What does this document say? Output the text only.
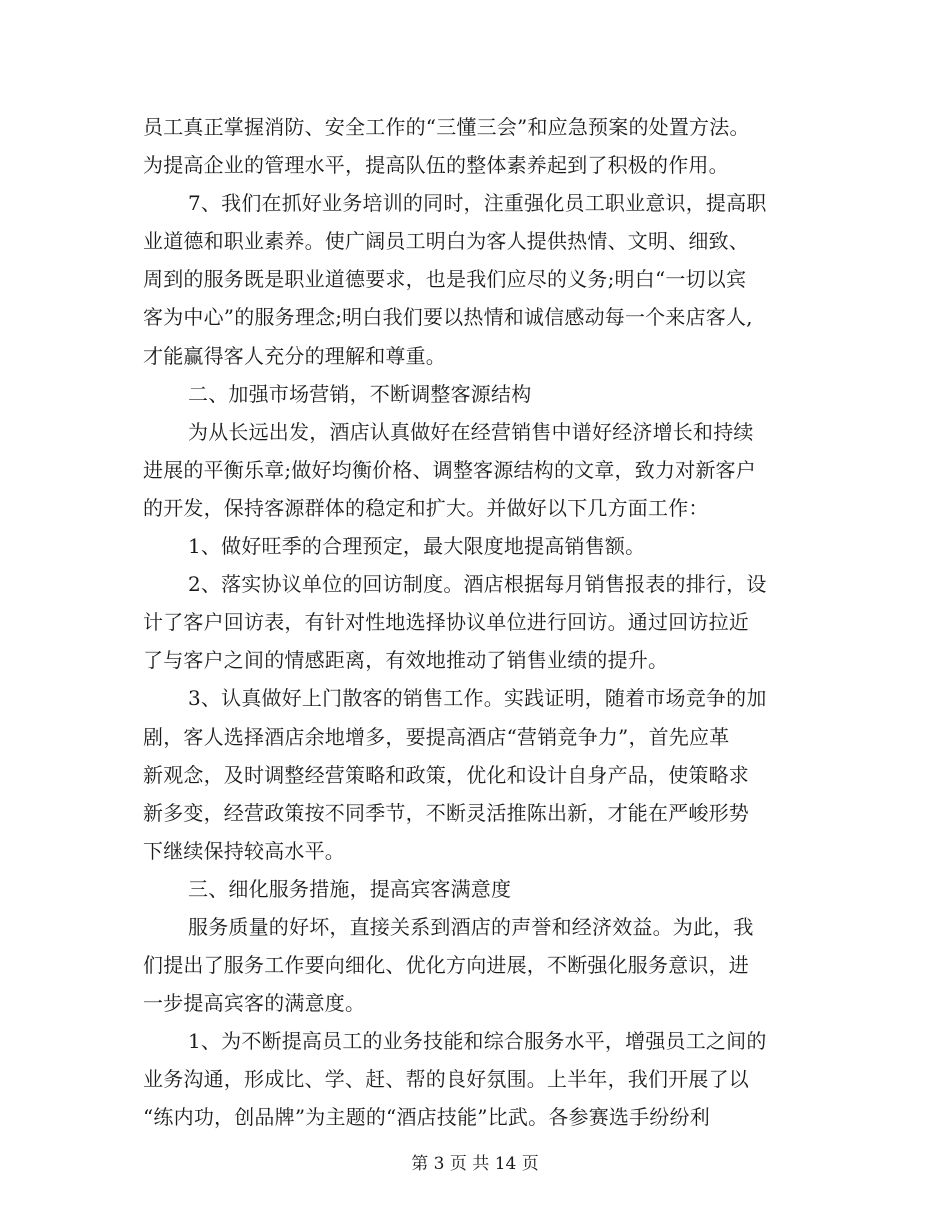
员工真正掌握消防、安全工作的“三懂三会”和应急预案的处置方法。
为提高企业的管理水平，提高队伍的整体素养起到了积极的作用。
7、我们在抓好业务培训的同时，注重强化员工职业意识，提高职
业道德和职业素养。使广阔员工明白为客人提供热情、文明、细致、
周到的服务既是职业道德要求，也是我们应尽的义务;明白“一切以宾
客为中心”的服务理念;明白我们要以热情和诚信感动每一个来店客人,
才能赢得客人充分的理解和尊重。
二、加强市场营销，不断调整客源结构
为从长远出发，酒店认真做好在经营销售中谱好经济增长和持续
进展的平衡乐章;做好均衡价格、调整客源结构的文章，致力对新客户
的开发，保持客源群体的稳定和扩大。并做好以下几方面工作：
1、做好旺季的合理预定，最大限度地提高销售额。
2、落实协议单位的回访制度。酒店根据每月销售报表的排行，设
计了客户回访表，有针对性地选择协议单位进行回访。通过回访拉近
了与客户之间的情感距离，有效地推动了销售业绩的提升。
3、认真做好上门散客的销售工作。实践证明，随着市场竞争的加
剧，客人选择酒店余地增多，要提高酒店“营销竞争力”，首先应革
新观念，及时调整经营策略和政策，优化和设计自身产品，使策略求
新多变，经营政策按不同季节，不断灵活推陈出新，才能在严峻形势
下继续保持较高水平。
三、细化服务措施，提高宾客满意度
服务质量的好坏，直接关系到酒店的声誉和经济效益。为此，我
们提出了服务工作要向细化、优化方向进展，不断强化服务意识，进
一步提高宾客的满意度。
1、为不断提高员工的业务技能和综合服务水平，增强员工之间的
业务沟通，形成比、学、赶、帮的良好氛围。上半年，我们开展了以
“练内功，创品牌”为主题的“酒店技能”比武。各参赛选手纷纷利
第 3 页 共 14 页
